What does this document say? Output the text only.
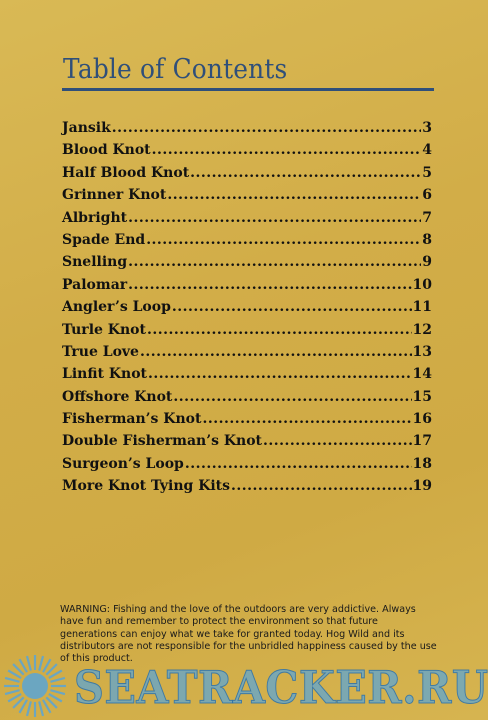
Table of Contents
Jansik .....	3
Blood Knot .....	4
Half Blood Knot .....	5
Grinner Knot .....	6
Albright .....	7
Spade End .....	8
Snelling .....	9
Palomar .....	10
Angler’s Loop .....	11
Turle Knot .....	12
True Love .....	13
Linfit Knot .....	14
Offshore Knot .....	15
Fisherman’s Knot .....	16
Double Fisherman’s Knot .....	17
Surgeon’s Loop .....	18
More Knot Tying Kits .....	19

WARNING: Fishing and the love of the outdoors are very addictive. Always have fun and remember to protect the environment so that future generations can enjoy what we take for granted today. Hog Wild and its distributors are not responsible for the unbridled happiness caused by the use of this product.

SEATRACKER.RU
